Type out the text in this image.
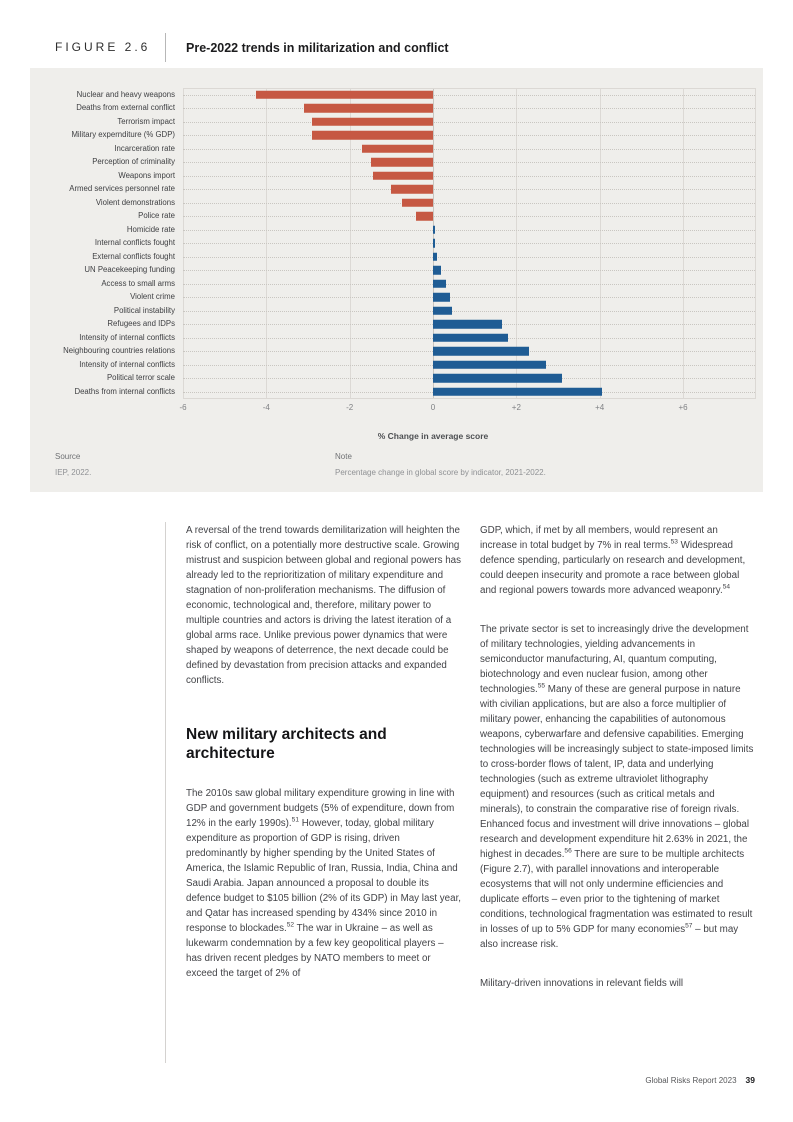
FIGURE 2.6	Pre-2022 trends in militarization and conflict
Nuclear and heavy weapons
Deaths from external conflict
Terrorism impact
Military expernditure (% GDP)
Incarceration rate
Perception of criminality
Weapons import
Armed services personnel rate
Violent demonstrations
Police rate
Homicide rate
Internal conflicts fought
External conflicts fought
UN Peacekeeping funding
Access to small arms
Violent crime
Political instability
Refugees and IDPs
Intensity of internal conflicts
Neighbouring countries relations
Intensity of internal conflicts
Political terror scale
Deaths from internal conflicts
-6	-4	-2	0	+2	+4	+6
% Change in average score
Source
IEP, 2022.
Note
Percentage change in global score by indicator, 2021-2022.

A reversal of the trend towards demilitarization will heighten the risk of conflict, on a potentially more destructive scale. Growing mistrust and suspicion between global and regional powers has already led to the reprioritization of military expenditure and stagnation of non-proliferation mechanisms. The diffusion of economic, technological and, therefore, military power to multiple countries and actors is driving the latest iteration of a global arms race. Unlike previous power dynamics that were shaped by weapons of deterrence, the next decade could be defined by devastation from precision attacks and expanded conflicts.

New military architects and architecture

The 2010s saw global military expenditure growing in line with GDP and government budgets (5% of expenditure, down from 12% in the early 1990s).$^{51}$ However, today, global military expenditure as proportion of GDP is rising, driven predominantly by higher spending by the United States of America, the Islamic Republic of Iran, Russia, India, China and Saudi Arabia. Japan announced a proposal to double its defence budget to $105 billion (2% of its GDP) in May last year, and Qatar has increased spending by 434% since 2010 in response to blockades.$^{52}$ The war in Ukraine – as well as lukewarm condemnation by a few key geopolitical players – has driven recent pledges by NATO members to meet or exceed the target of 2% of

GDP, which, if met by all members, would represent an increase in total budget by 7% in real terms.$^{53}$ Widespread defence spending, particularly on research and development, could deepen insecurity and promote a race between global and regional powers towards more advanced weaponry.$^{54}$

The private sector is set to increasingly drive the development of military technologies, yielding advancements in semiconductor manufacturing, AI, quantum computing, biotechnology and even nuclear fusion, among other technologies.$^{55}$ Many of these are general purpose in nature with civilian applications, but are also a force multiplier of military power, enhancing the capabilities of autonomous weapons, cyberwarfare and defensive capabilities. Emerging technologies will be increasingly subject to state-imposed limits to cross-border flows of talent, IP, data and underlying technologies (such as extreme ultraviolet lithography equipment) and resources (such as critical metals and minerals), to constrain the comparative rise of foreign rivals. Enhanced focus and investment will drive innovations – global research and development expenditure hit 2.63% in 2021, the highest in decades.$^{56}$ There are sure to be multiple architects (Figure 2.7), with parallel innovations and interoperable ecosystems that will not only undermine efficiencies and duplicate efforts – even prior to the tightening of market conditions, technological fragmentation was estimated to result in losses of up to 5% GDP for many economies$^{57}$ – but may also increase risk.

Military-driven innovations in relevant fields will

Global Risks Report 2023 39
